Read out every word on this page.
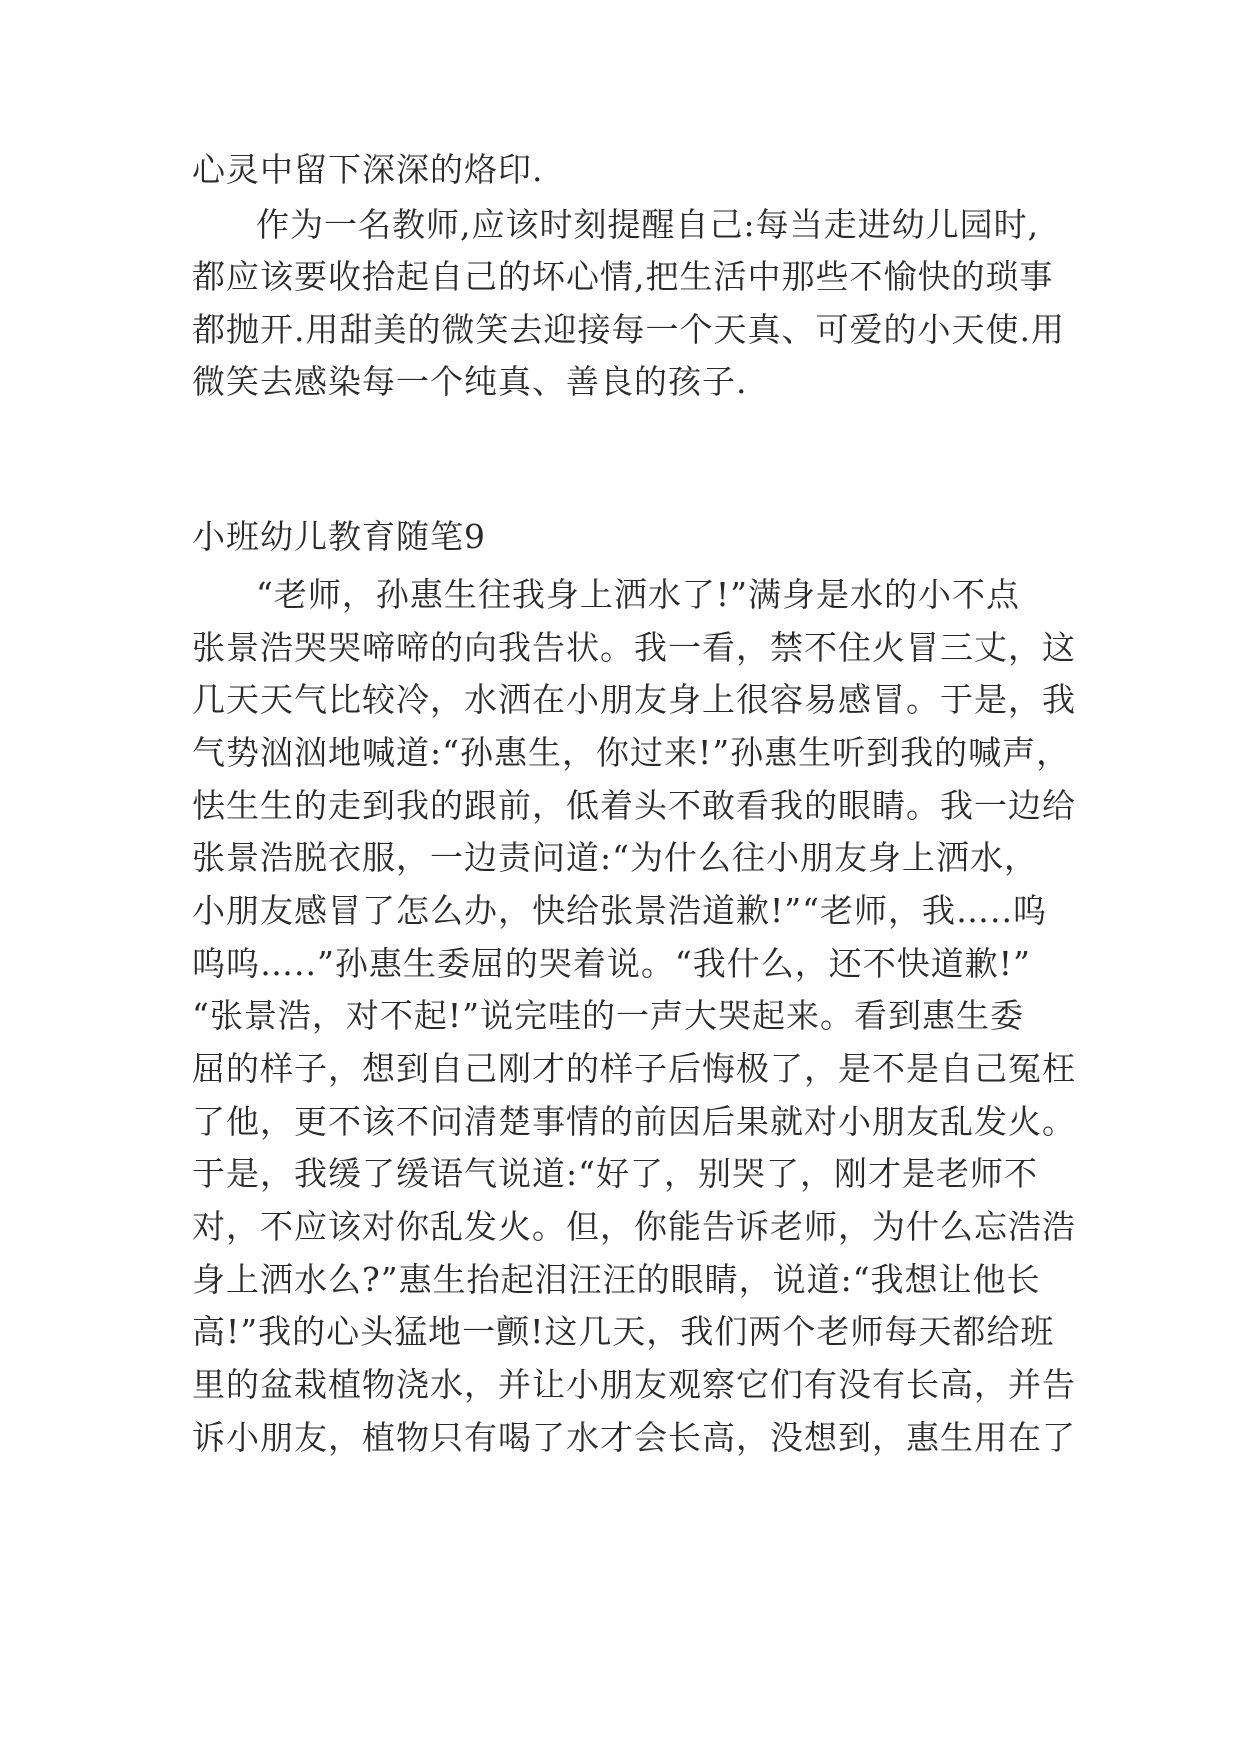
心灵中留下深深的烙印.
作为一名教师,应该时刻提醒自己:每当走进幼儿园时,
都应该要收拾起自己的坏心情,把生活中那些不愉快的琐事
都抛开.用甜美的微笑去迎接每一个天真、可爱的小天使.用
微笑去感染每一个纯真、善良的孩子.
小班幼儿教育随笔9
“老师，孙惠生往我身上洒水了!”满身是水的小不点
张景浩哭哭啼啼的向我告状。我一看，禁不住火冒三丈，这
几天天气比较冷，水洒在小朋友身上很容易感冒。于是，我
气势汹汹地喊道:“孙惠生，你过来!”孙惠生听到我的喊声，
怯生生的走到我的跟前，低着头不敢看我的眼睛。我一边给
张景浩脱衣服，一边责问道:“为什么往小朋友身上洒水，
小朋友感冒了怎么办，快给张景浩道歉!”“老师，我…..呜
呜呜…..”孙惠生委屈的哭着说。“我什么，还不快道歉!”
“张景浩，对不起!”说完哇的一声大哭起来。看到惠生委
屈的样子，想到自己刚才的样子后悔极了，是不是自己冤枉
了他，更不该不问清楚事情的前因后果就对小朋友乱发火。
于是，我缓了缓语气说道:“好了，别哭了，刚才是老师不
对，不应该对你乱发火。但，你能告诉老师，为什么忘浩浩
身上洒水么?”惠生抬起泪汪汪的眼睛，说道:“我想让他长
高!”我的心头猛地一颤!这几天，我们两个老师每天都给班
里的盆栽植物浇水，并让小朋友观察它们有没有长高，并告
诉小朋友，植物只有喝了水才会长高，没想到，惠生用在了
